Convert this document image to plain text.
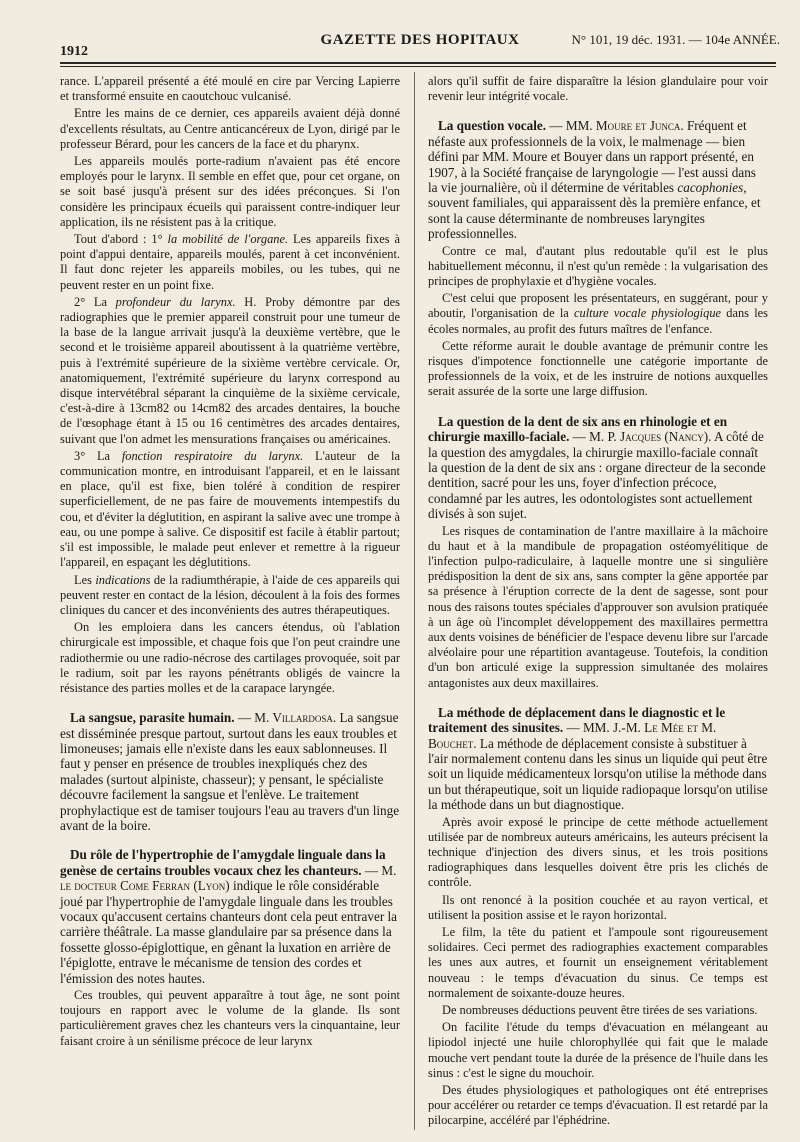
1912
GAZETTE DES HOPITAUX	N° 101, 19 déc. 1931. — 104e ANNÉE.

rance. L'appareil présenté a été moulé en cire par Vercing Lapierre et transformé ensuite en caoutchouc vulcanisé.

Entre les mains de ce dernier, ces appareils avaient déjà donné d'excellents résultats, au Centre anticancéreux de Lyon, dirigé par le professeur Bérard, pour les cancers de la face et du pharynx.

Les appareils moulés porte-radium n'avaient pas été encore employés pour le larynx. Il semble en effet que, pour cet organe, on se soit basé jusqu'à présent sur des idées préconçues. Si l'on considère les principaux écueils qui paraissent contre-indiquer leur application, ils ne résistent pas à la critique.

Tout d'abord : 1° la mobilité de l'organe. Les appareils fixes à point d'appui dentaire, appareils moulés, parent à cet inconvénient. Il faut donc rejeter les appareils mobiles, ou les tubes, qui ne peuvent rester en un point fixe.

2° La profondeur du larynx. H. Proby démontre par des radiographies que le premier appareil construit pour une tumeur de la base de la langue arrivait jusqu'à la deuxième vertèbre, que le second et le troisième appareil aboutissent à la quatrième vertèbre, puis à l'extrémité supérieure de la sixième vertèbre cervicale. Or, anatomiquement, l'extrémité supérieure du larynx correspond au disque intervétébral séparant la cinquième de la sixième cervicale, c'est-à-dire à 13cm82 ou 14cm82 des arcades dentaires, la bouche de l'œsophage étant à 15 ou 16 centimètres des arcades dentaires, suivant que l'on admet les mensurations françaises ou américaines.

3° La fonction respiratoire du larynx. L'auteur de la communication montre, en introduisant l'appareil, et en le laissant en place, qu'il est fixe, bien toléré à condition de respirer superficiellement, de ne pas faire de mouvements intempestifs du cou, et d'éviter la déglutition, en aspirant la salive avec une trompe à eau, ou une pompe à salive. Ce dispositif est facile à établir partout; s'il est impossible, le malade peut enlever et remettre à la rigueur l'appareil, en espaçant les déglutitions.

Les indications de la radiumthérapie, à l'aide de ces appareils qui peuvent rester en contact de la lésion, découlent à la fois des formes cliniques du cancer et des inconvénients des autres thérapeutiques.

On les emploiera dans les cancers étendus, où l'ablation chirurgicale est impossible, et chaque fois que l'on peut craindre une radiothermie ou une radio-nécrose des cartilages provoquée, soit par le radium, soit par les rayons pénétrants obligés de vaincre la résistance des parties molles et de la carapace laryngée.

La sangsue, parasite humain. — M. Villardosa. La sangsue est disséminée presque partout, surtout dans les eaux troubles et limoneuses; jamais elle n'existe dans les eaux sablonneuses. Il faut y penser en présence de troubles inexpliqués chez des malades (surtout alpiniste, chasseur); y pensant, le spécialiste découvre facilement la sangsue et l'enlève. Le traitement prophylactique est de tamiser toujours l'eau au travers d'un linge avant de la boire.
Du rôle de l'hypertrophie de l'amygdale linguale dans la genèse de certains troubles vocaux chez les chanteurs. — M. le docteur Come Ferran (Lyon) indique le rôle considérable joué par l'hypertrophie de l'amygdale linguale dans les troubles vocaux qu'accusent certains chanteurs dont cela peut entraver la carrière théâtrale. La masse glandulaire par sa présence dans la fossette glosso-épiglottique, en gênant la luxation en arrière de l'épiglotte, entrave le mécanisme de tension des cordes et l'émission des notes hautes.

Ces troubles, qui peuvent apparaître à tout âge, ne sont point toujours en rapport avec le volume de la glande. Ils sont particulièrement graves chez les chanteurs vers la cinquantaine, leur faisant croire à un sénilisme précoce de leur larynx

alors qu'il suffit de faire disparaître la lésion glandulaire pour voir revenir leur intégrité vocale.

La question vocale. — MM. Moure et Junca. Fréquent et néfaste aux professionnels de la voix, le malmenage — bien défini par MM. Moure et Bouyer dans un rapport présenté, en 1907, à la Société française de laryngologie — l'est aussi dans la vie journalière, où il détermine de véritables cacophonies, souvent familiales, qui apparaissent dès la première enfance, et sont la cause déterminante de nombreuses laryngites professionnelles.

Contre ce mal, d'autant plus redoutable qu'il est le plus habituellement méconnu, il n'est qu'un remède : la vulgarisation des principes de prophylaxie et d'hygiène vocales.

C'est celui que proposent les présentateurs, en suggérant, pour y aboutir, l'organisation de la culture vocale physiologique dans les écoles normales, au profit des futurs maîtres de l'enfance.

Cette réforme aurait le double avantage de prémunir contre les risques d'impotence fonctionnelle une catégorie importante de professionnels de la voix, et de les instruire de notions auxquelles serait assurée de la sorte une large diffusion.

La question de la dent de six ans en rhinologie et en chirurgie maxillo-faciale. — M. P. Jacques (Nancy). A côté de la question des amygdales, la chirurgie maxillo-faciale connaît la question de la dent de six ans : organe directeur de la seconde dentition, sacré pour les uns, foyer d'infection précoce, condamné par les autres, les odontologistes sont actuellement divisés à son sujet.

Les risques de contamination de l'antre maxillaire à la mâchoire du haut et à la mandibule de propagation ostéomyélitique de l'infection pulpo-radiculaire, à laquelle montre une si singulière prédisposition la dent de six ans, sans compter la gêne apportée par sa présence à l'éruption correcte de la dent de sagesse, sont pour nous des raisons toutes spéciales d'approuver son avulsion pratiquée à un âge où l'incomplet développement des maxillaires permettra aux dents voisines de bénéficier de l'espace devenu libre sur l'arcade alvéolaire pour une répartition avantageuse. Toutefois, la condition d'un bon articulé exige la suppression simultanée des molaires antagonistes aux deux maxillaires.

La méthode de déplacement dans le diagnostic et le traitement des sinusites. — MM. J.-M. Le Mée et M. Bouchet. La méthode de déplacement consiste à substituer à l'air normalement contenu dans les sinus un liquide qui peut être soit un liquide médicamenteux lorsqu'on utilise la méthode dans un but thérapeutique, soit un liquide radiopaque lorsqu'on utilise la méthode dans un but diagnostique.

Après avoir exposé le principe de cette méthode actuellement utilisée par de nombreux auteurs américains, les auteurs précisent la technique d'injection des divers sinus, et les trois positions radiographiques dans lesquelles doivent être pris les clichés de contrôle.

Ils ont renoncé à la position couchée et au rayon vertical, et utilisent la position assise et le rayon horizontal.

Le film, la tête du patient et l'ampoule sont rigoureusement solidaires. Ceci permet des radiographies exactement comparables les unes aux autres, et fournit un enseignement véritablement nouveau : le temps d'évacuation du sinus. Ce temps est normalement de soixante-douze heures.

De nombreuses déductions peuvent être tirées de ses variations.

On facilite l'étude du temps d'évacuation en mélangeant au lipiodol injecté une huile chlorophyllée qui fait que le malade mouche vert pendant toute la durée de la présence de l'huile dans les sinus : c'est le signe du mouchoir.

Des études physiologiques et pathologiques ont été entreprises pour accélérer ou retarder ce temps d'évacuation. Il est retardé par la pilocarpine, accéléré par l'éphédrine.
